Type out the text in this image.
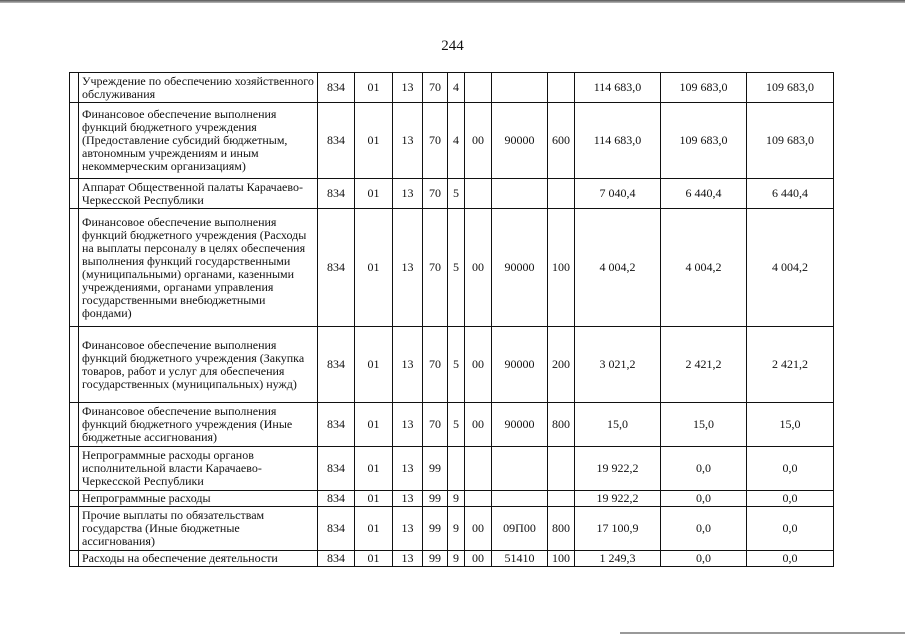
244
	Учреждение по обеспечению хозяйственного обслуживания	834	01	13	70	4				114 683,0	109 683,0	109 683,0
	Финансовое обеспечение выполнения функций бюджетного учреждения (Предоставление субсидий бюджетным, автономным учреждениям и иным некоммерческим организациям)	834	01	13	70	4	00	90000	600	114 683,0	109 683,0	109 683,0
	Аппарат Общественной палаты Карачаево-Черкесской Республики	834	01	13	70	5				7 040,4	6 440,4	6 440,4
	Финансовое обеспечение выполнения функций бюджетного учреждения (Расходы на выплаты персоналу в целях обеспечения выполнения функций государственными (муниципальными) органами, казенными учреждениями, органами управления государственными внебюджетными фондами)	834	01	13	70	5	00	90000	100	4 004,2	4 004,2	4 004,2
	Финансовое обеспечение выполнения функций бюджетного учреждения (Закупка товаров, работ и услуг для обеспечения государственных (муниципальных) нужд)	834	01	13	70	5	00	90000	200	3 021,2	2 421,2	2 421,2
	Финансовое обеспечение выполнения функций бюджетного учреждения (Иные бюджетные ассигнования)	834	01	13	70	5	00	90000	800	15,0	15,0	15,0
	Непрограммные расходы органов исполнительной власти Карачаево-Черкесской Республики	834	01	13	99					19 922,2	0,0	0,0
	Непрограммные расходы	834	01	13	99	9				19 922,2	0,0	0,0
	Прочие выплаты по обязательствам государства (Иные бюджетные ассигнования)	834	01	13	99	9	00	09П00	800	17 100,9	0,0	0,0
	Расходы на обеспечение деятельности	834	01	13	99	9	00	51410	100	1 249,3	0,0	0,0
